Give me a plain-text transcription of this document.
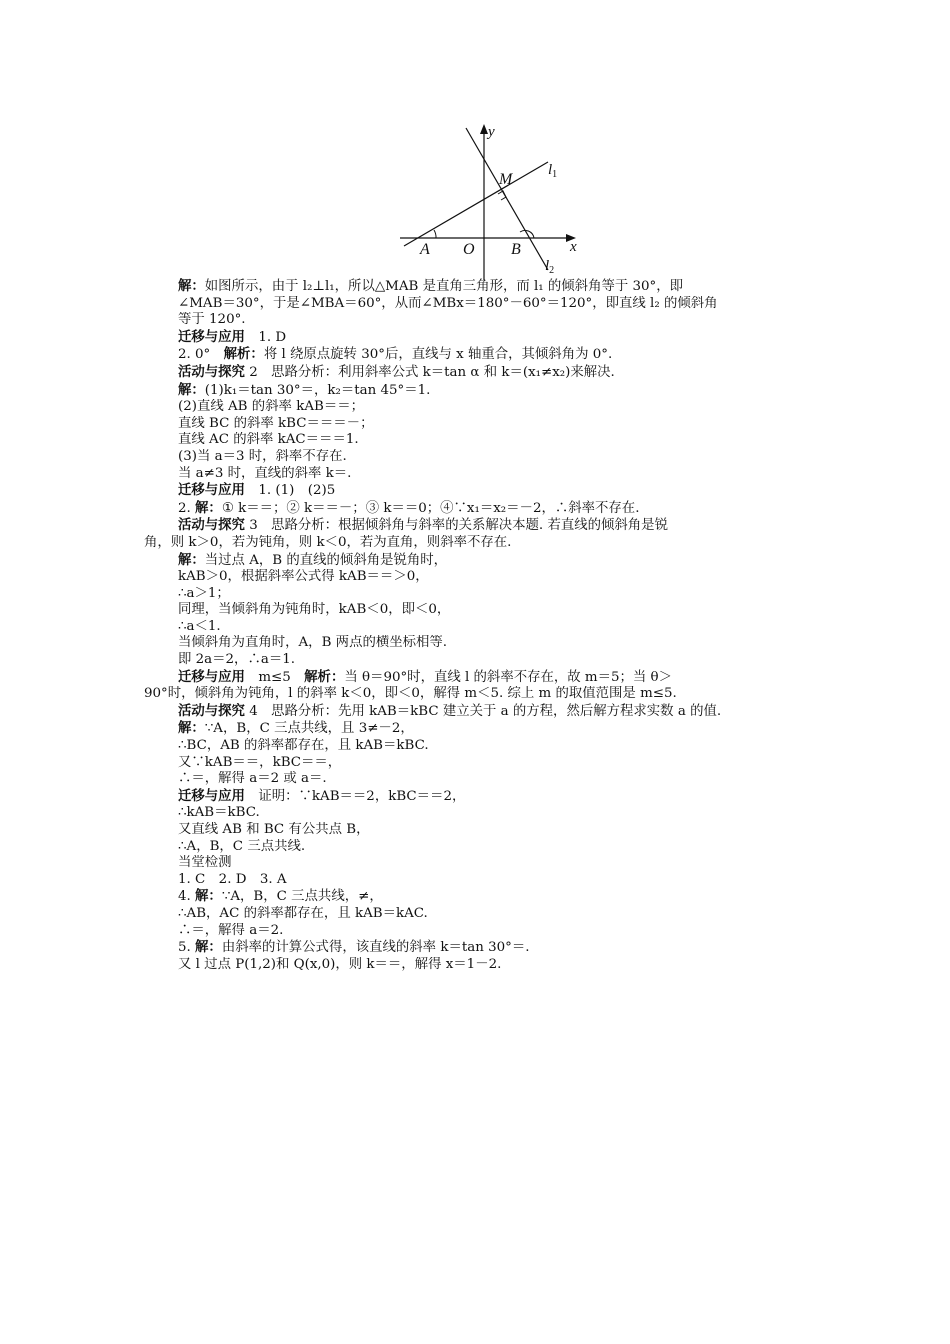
y
x
M
$l_1$
$l_2$
A O B
解：如图所示，由于 l₂⊥l₁，所以△MAB 是直角三角形，而 l₁ 的倾斜角等于 30°，即
∠MAB＝30°，于是∠MBA＝60°，从而∠MBx＝180°－60°＝120°，即直线 l₂ 的倾斜角
等于 120°.
迁移与应用　1. D
2. 0°　解析：将 l 绕原点旋转 30°后，直线与 x 轴重合，其倾斜角为 0°.
活动与探究 2　思路分析：利用斜率公式 k＝tan α 和 k＝(x₁≠x₂)来解决.
解：(1)k₁＝tan 30°＝，k₂＝tan 45°＝1.
(2)直线 AB 的斜率 kAB＝＝；
直线 BC 的斜率 kBC＝＝＝－；
直线 AC 的斜率 kAC＝＝＝1.
(3)当 a＝3 时，斜率不存在.
当 a≠3 时，直线的斜率 k＝.
迁移与应用　1. (1)　(2)5
2. 解：① k＝＝；② k＝＝－；③ k＝＝0；④∵x₁＝x₂＝－2，∴斜率不存在.
活动与探究 3　思路分析：根据倾斜角与斜率的关系解决本题. 若直线的倾斜角是锐
角，则 k＞0，若为钝角，则 k＜0，若为直角，则斜率不存在.
解：当过点 A，B 的直线的倾斜角是锐角时，
kAB＞0，根据斜率公式得 kAB＝＝＞0，
∴a＞1；
同理，当倾斜角为钝角时，kAB＜0，即＜0，
∴a＜1.
当倾斜角为直角时，A，B 两点的横坐标相等.
即 2a＝2，∴a＝1.
迁移与应用　m≤5　解析：当 θ＝90°时，直线 l 的斜率不存在，故 m＝5；当 θ＞
90°时，倾斜角为钝角，l 的斜率 k＜0，即＜0，解得 m＜5. 综上 m 的取值范围是 m≤5.
活动与探究 4　思路分析：先用 kAB＝kBC 建立关于 a 的方程，然后解方程求实数 a 的值.
解：∵A，B，C 三点共线，且 3≠－2，
∴BC，AB 的斜率都存在，且 kAB＝kBC.
又∵kAB＝＝，kBC＝＝，
∴＝，解得 a＝2 或 a＝.
迁移与应用　证明：∵kAB＝＝2，kBC＝＝2，
∴kAB＝kBC.
又直线 AB 和 BC 有公共点 B，
∴A，B，C 三点共线.
当堂检测
1. C　2. D　3. A
4. 解：∵A，B，C 三点共线，≠，
∴AB，AC 的斜率都存在，且 kAB＝kAC.
∴＝，解得 a＝2.
5. 解：由斜率的计算公式得，该直线的斜率 k＝tan 30°＝.
又 l 过点 P(1,2)和 Q(x,0)，则 k＝＝，解得 x＝1－2.
